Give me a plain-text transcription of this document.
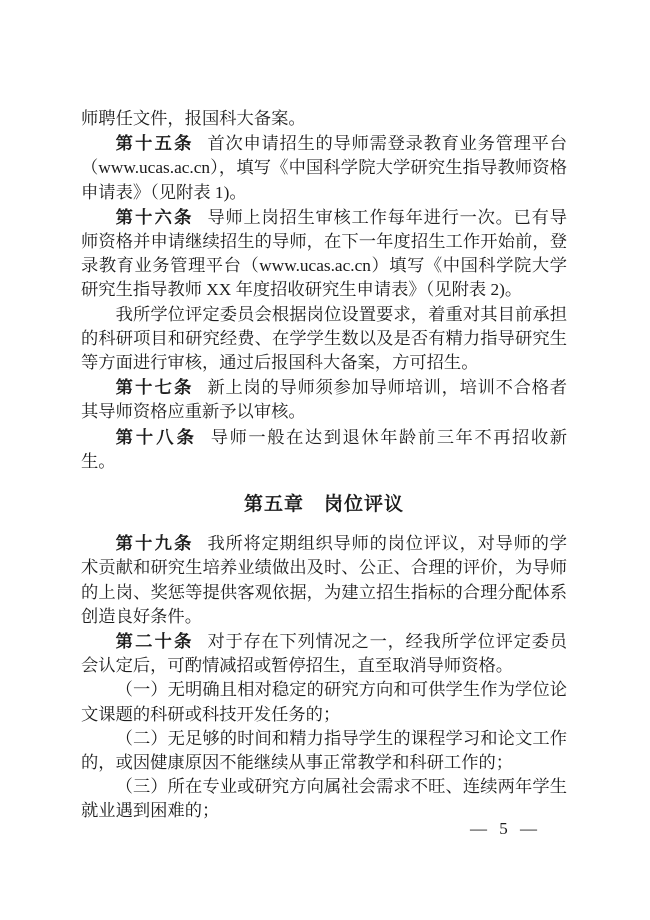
师聘任文件，报国科大备案。
第十五条 首次申请招生的导师需登录教育业务管理平台（www.ucas.ac.cn），填写《中国科学院大学研究生指导教师资格申请表》（见附表 1)。
第十六条 导师上岗招生审核工作每年进行一次。已有导师资格并申请继续招生的导师，在下一年度招生工作开始前，登录教育业务管理平台（www.ucas.ac.cn）填写《中国科学院大学研究生指导教师 XX 年度招收研究生申请表》（见附表 2)。
我所学位评定委员会根据岗位设置要求，着重对其目前承担的科研项目和研究经费、在学学生数以及是否有精力指导研究生等方面进行审核，通过后报国科大备案，方可招生。
第十七条 新上岗的导师须参加导师培训，培训不合格者其导师资格应重新予以审核。
第十八条 导师一般在达到退休年龄前三年不再招收新生。
第五章　岗位评议
第十九条 我所将定期组织导师的岗位评议，对导师的学术贡献和研究生培养业绩做出及时、公正、合理的评价，为导师的上岗、奖惩等提供客观依据，为建立招生指标的合理分配体系创造良好条件。
第二十条 对于存在下列情况之一，经我所学位评定委员会认定后，可酌情减招或暂停招生，直至取消导师资格。
（一）无明确且相对稳定的研究方向和可供学生作为学位论文课题的科研或科技开发任务的；
（二）无足够的时间和精力指导学生的课程学习和论文工作的，或因健康原因不能继续从事正常教学和科研工作的；
（三）所在专业或研究方向属社会需求不旺、连续两年学生就业遇到困难的；
— 5 —
